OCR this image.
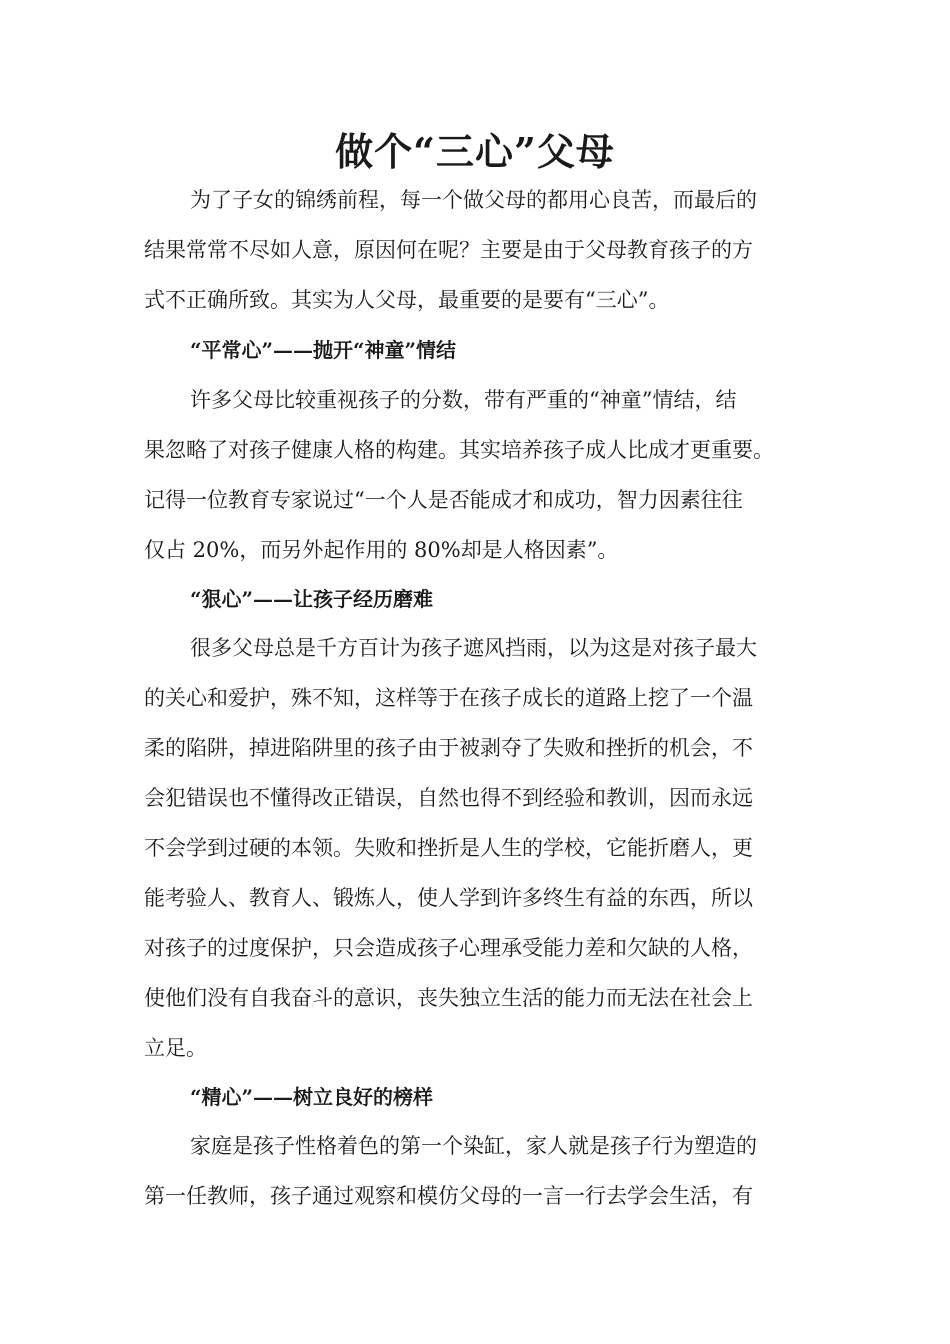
做个“三心”父母

为了子女的锦绣前程，每一个做父母的都用心良苦，而最后的

结果常常不尽如人意，原因何在呢？主要是由于父母教育孩子的方

式不正确所致。其实为人父母，最重要的是要有“三心”。

“平常心”——抛开“神童”情结

许多父母比较重视孩子的分数，带有严重的“神童”情结，结

果忽略了对孩子健康人格的构建。其实培养孩子成人比成才更重要。

记得一位教育专家说过“一个人是否能成才和成功，智力因素往往

仅占 20%，而另外起作用的 80%却是人格因素”。

“狠心”——让孩子经历磨难

很多父母总是千方百计为孩子遮风挡雨，以为这是对孩子最大

的关心和爱护，殊不知，这样等于在孩子成长的道路上挖了一个温

柔的陷阱，掉进陷阱里的孩子由于被剥夺了失败和挫折的机会，不

会犯错误也不懂得改正错误，自然也得不到经验和教训，因而永远

不会学到过硬的本领。失败和挫折是人生的学校，它能折磨人，更

能考验人、教育人、锻炼人，使人学到许多终生有益的东西，所以

对孩子的过度保护，只会造成孩子心理承受能力差和欠缺的人格，

使他们没有自我奋斗的意识，丧失独立生活的能力而无法在社会上

立足。

“精心”——树立良好的榜样

家庭是孩子性格着色的第一个染缸，家人就是孩子行为塑造的

第一任教师，孩子通过观察和模仿父母的一言一行去学会生活，有
